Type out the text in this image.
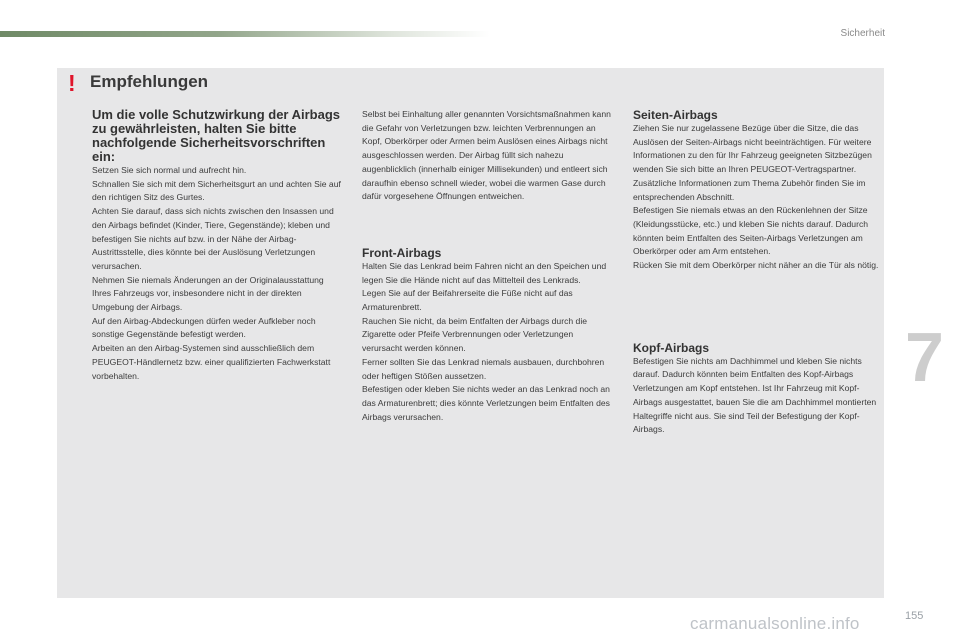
Sicherheit
! Empfehlungen

Um die volle Schutzwirkung der Airbags zu gewährleisten, halten Sie bitte nachfolgende Sicherheitsvorschriften ein:

Setzen Sie sich normal und aufrecht hin.

Schnallen Sie sich mit dem Sicherheitsgurt an und achten Sie auf den richtigen Sitz des Gurtes.

Achten Sie darauf, dass sich nichts zwischen den Insassen und den Airbags befindet (Kinder, Tiere, Gegenstände); kleben und befestigen Sie nichts auf bzw. in der Nähe der Airbag-Austrittsstelle, dies könnte bei der Auslösung Verletzungen verursachen.

Nehmen Sie niemals Änderungen an der Originalausstattung Ihres Fahrzeugs vor, insbesondere nicht in der direkten Umgebung der Airbags.

Auf den Airbag-Abdeckungen dürfen weder Aufkleber noch sonstige Gegenstände befestigt werden.

Arbeiten an den Airbag-Systemen sind ausschließlich dem PEUGEOT-Händlernetz bzw. einer qualifizierten Fachwerkstatt vorbehalten.

Selbst bei Einhaltung aller genannten Vorsichtsmaßnahmen kann die Gefahr von Verletzungen bzw. leichten Verbrennungen an Kopf, Oberkörper oder Armen beim Auslösen eines Airbags nicht ausgeschlossen werden. Der Airbag füllt sich nahezu augenblicklich (innerhalb einiger Millisekunden) und entleert sich daraufhin ebenso schnell wieder, wobei die warmen Gase durch dafür vorgesehene Öffnungen entweichen.

Front-Airbags

Halten Sie das Lenkrad beim Fahren nicht an den Speichen und legen Sie die Hände nicht auf das Mittelteil des Lenkrads.

Legen Sie auf der Beifahrerseite die Füße nicht auf das Armaturenbrett.

Rauchen Sie nicht, da beim Entfalten der Airbags durch die Zigarette oder Pfeife Verbrennungen oder Verletzungen verursacht werden können.

Ferner sollten Sie das Lenkrad niemals ausbauen, durchbohren oder heftigen Stößen aussetzen.

Befestigen oder kleben Sie nichts weder an das Lenkrad noch an das Armaturenbrett; dies könnte Verletzungen beim Entfalten des Airbags verursachen.

Seiten-Airbags

Ziehen Sie nur zugelassene Bezüge über die Sitze, die das Auslösen der Seiten-Airbags nicht beeinträchtigen. Für weitere Informationen zu den für Ihr Fahrzeug geeigneten Sitzbezügen wenden Sie sich bitte an Ihren PEUGEOT-Vertragspartner. Zusätzliche Informationen zum Thema Zubehör finden Sie im entsprechenden Abschnitt.

Befestigen Sie niemals etwas an den Rückenlehnen der Sitze (Kleidungsstücke, etc.) und kleben Sie nichts darauf. Dadurch könnten beim Entfalten des Seiten-Airbags Verletzungen am Oberkörper oder am Arm entstehen.

Rücken Sie mit dem Oberkörper nicht näher an die Tür als nötig.

Kopf-Airbags

Befestigen Sie nichts am Dachhimmel und kleben Sie nichts darauf. Dadurch könnten beim Entfalten des Kopf-Airbags Verletzungen am Kopf entstehen. Ist Ihr Fahrzeug mit Kopf-Airbags ausgestattet, bauen Sie die am Dachhimmel montierten Haltegriffe nicht aus. Sie sind Teil der Befestigung der Kopf-Airbags.

7
carmanualsonline.info	155
